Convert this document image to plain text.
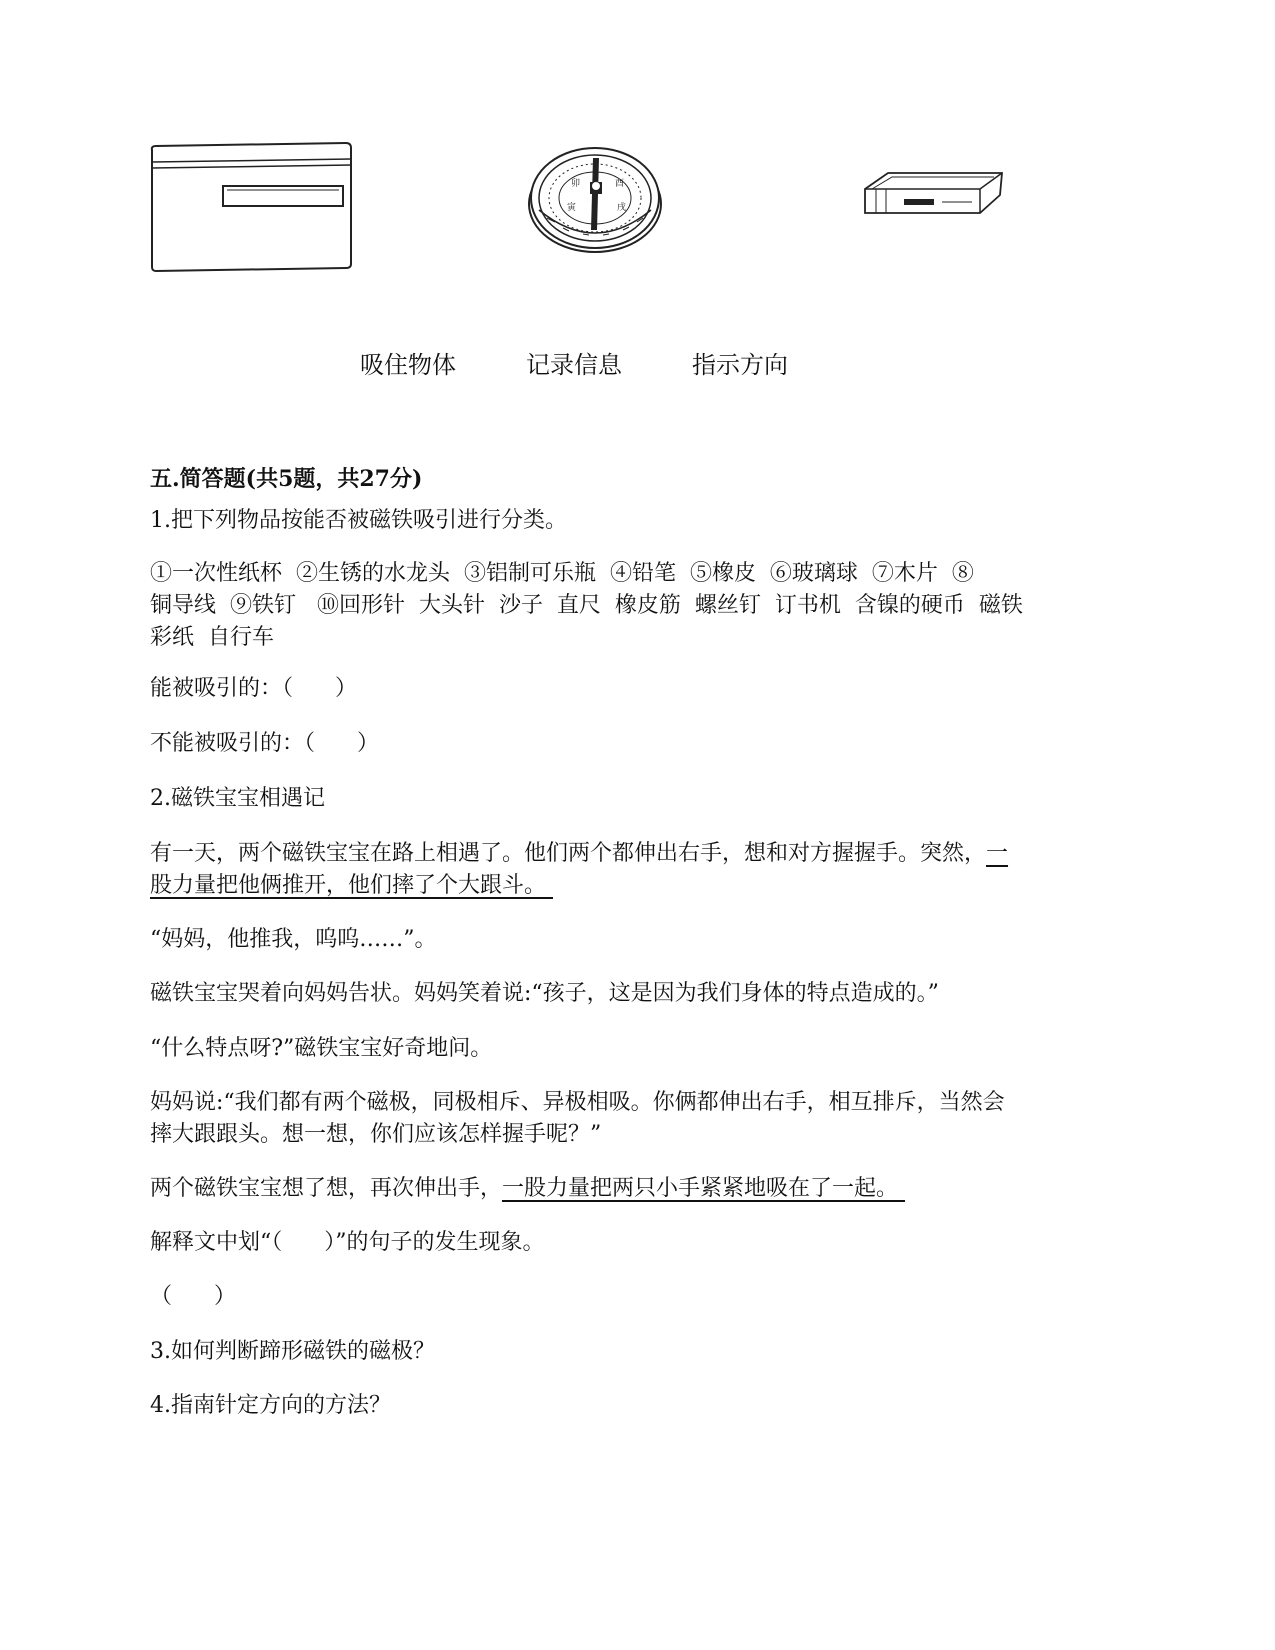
卯	酉
寅	戌
吸住物体	记录信息	指示方向
五.简答题(共5题，共27分)
1.把下列物品按能否被磁铁吸引进行分类。
①一次性纸杯  ②生锈的水龙头  ③铝制可乐瓶  ④铅笔  ⑤橡皮  ⑥玻璃球  ⑦木片  ⑧
铜导线  ⑨铁钉   ⑩回形针  大头针  沙子  直尺  橡皮筋  螺丝钉  订书机  含镍的硬币  磁铁
彩纸  自行车
能被吸引的：（      ）
不能被吸引的：（      ）
2.磁铁宝宝相遇记
有一天，两个磁铁宝宝在路上相遇了。他们两个都伸出右手，想和对方握握手。突然，一
股力量把他俩推开，他们摔了个大跟斗。
“妈妈，他推我，呜呜……”。
磁铁宝宝哭着向妈妈告状。妈妈笑着说:“孩子，这是因为我们身体的特点造成的。”
“什么特点呀?”磁铁宝宝好奇地问。
妈妈说:“我们都有两个磁极，同极相斥、异极相吸。你俩都伸出右手，相互排斥，当然会
摔大跟跟头。想一想，你们应该怎样握手呢？”
两个磁铁宝宝想了想，再次伸出手，一股力量把两只小手紧紧地吸在了一起。
解释文中划“（      ）”的句子的发生现象。
（      ）
3.如何判断蹄形磁铁的磁极？
4.指南针定方向的方法？
